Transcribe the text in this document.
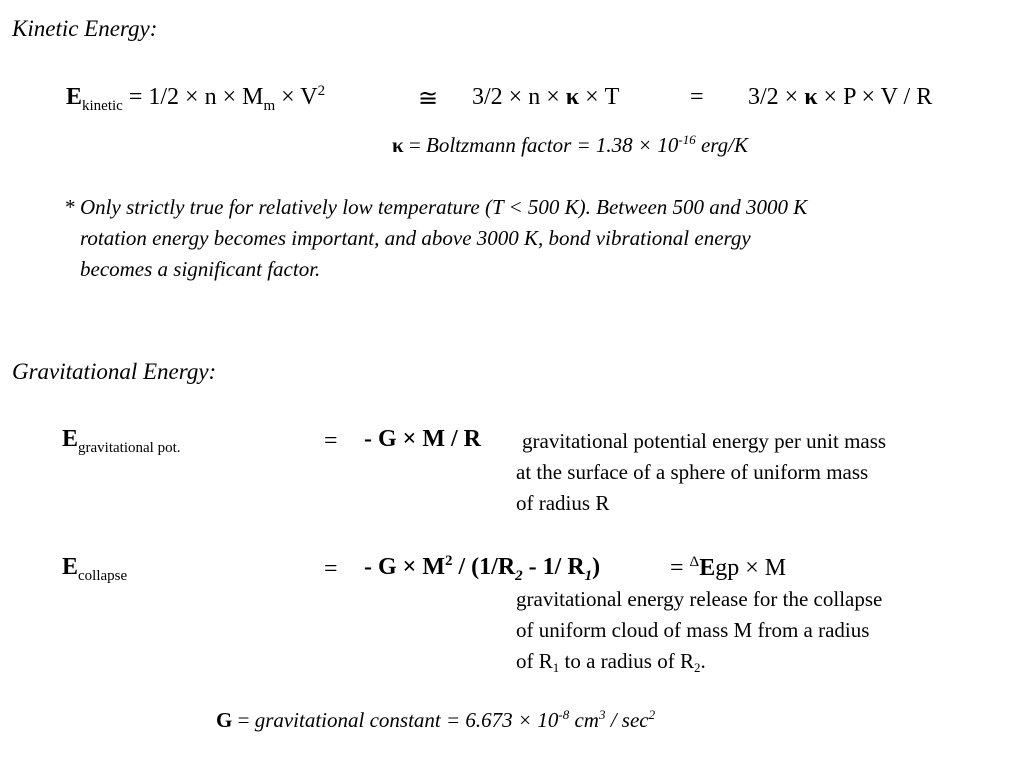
Kinetic Energy:
$E_{kinetic} = 1/2 \times n \times M_m \times V^2$	≅ 3/2 × n × κ × T	= 3/2 × κ × P × V / R
κ = Boltzmann factor = $1.38 \times 10^{-16}$ erg/K
* Only strictly true for relatively low temperature (T < 500 K). Between 500 and 3000 K
rotation energy becomes important, and above 3000 K, bond vibrational energy
becomes a significant factor.
Gravitational Energy:
$E_{gravitational pot.}$	= - G × M / R gravitational potential energy per unit mass
at the surface of a sphere of uniform mass
of radius R
$E_{collapse}$	= - $G \times M^2 / (1/R_2 - 1/$ $R_1$)	= $^\Delta$Egp × M
gravitational energy release for the collapse
of uniform cloud of mass M from a radius
of R1 to a radius of R2.
G = gravitational constant = $6.673 \times 10^{-8}$ $cm^3 / \sec^2$
